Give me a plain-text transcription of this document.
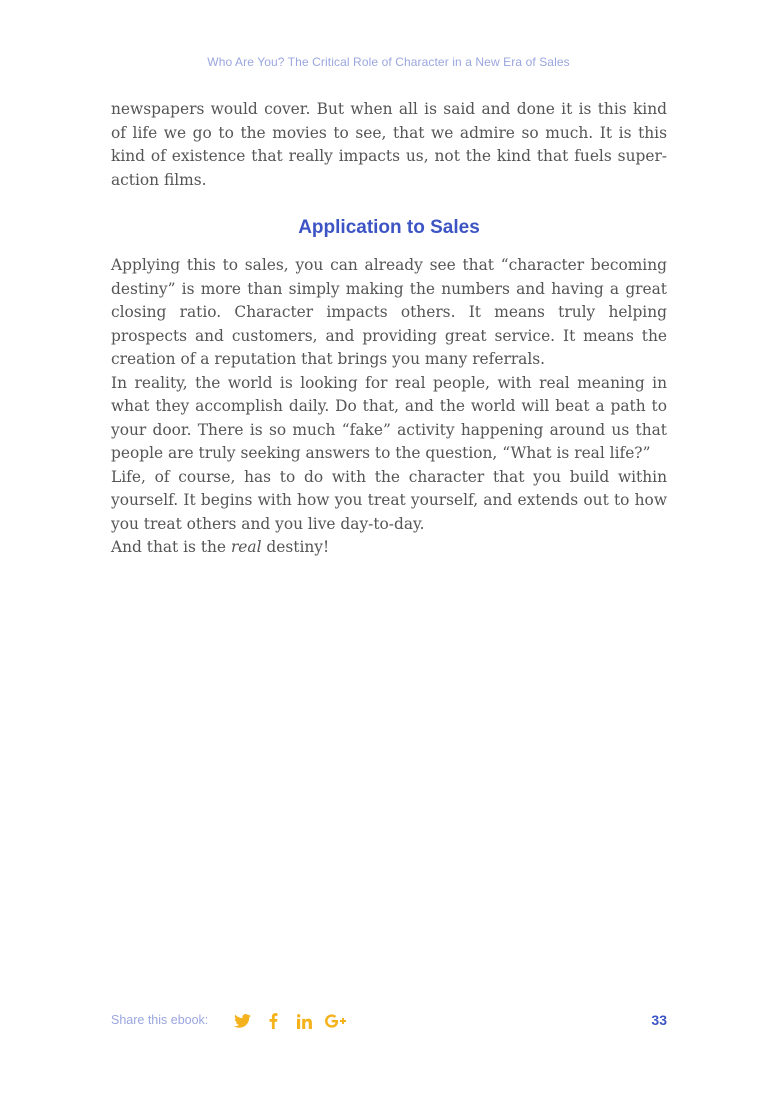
Who Are You? The Critical Role of Character in a New Era of Sales

newspapers would cover. But when all is said and done it is this kind of life we go to the movies to see, that we admire so much. It is this kind of existence that really impacts us, not the kind that fuels super-action films.

Application to Sales

Applying this to sales, you can already see that “character becoming destiny” is more than simply making the numbers and having a great closing ratio. Character impacts others. It means truly helping prospects and customers, and providing great service. It means the creation of a reputation that brings you many referrals.

In reality, the world is looking for real people, with real meaning in what they accomplish daily. Do that, and the world will beat a path to your door. There is so much “fake” activity happening around us that people are truly seeking answers to the question, “What is real life?”

Life, of course, has to do with the character that you build within yourself. It begins with how you treat yourself, and extends out to how you treat others and you live day-to-day.

And that is the real destiny!

Share this ebook:	33
